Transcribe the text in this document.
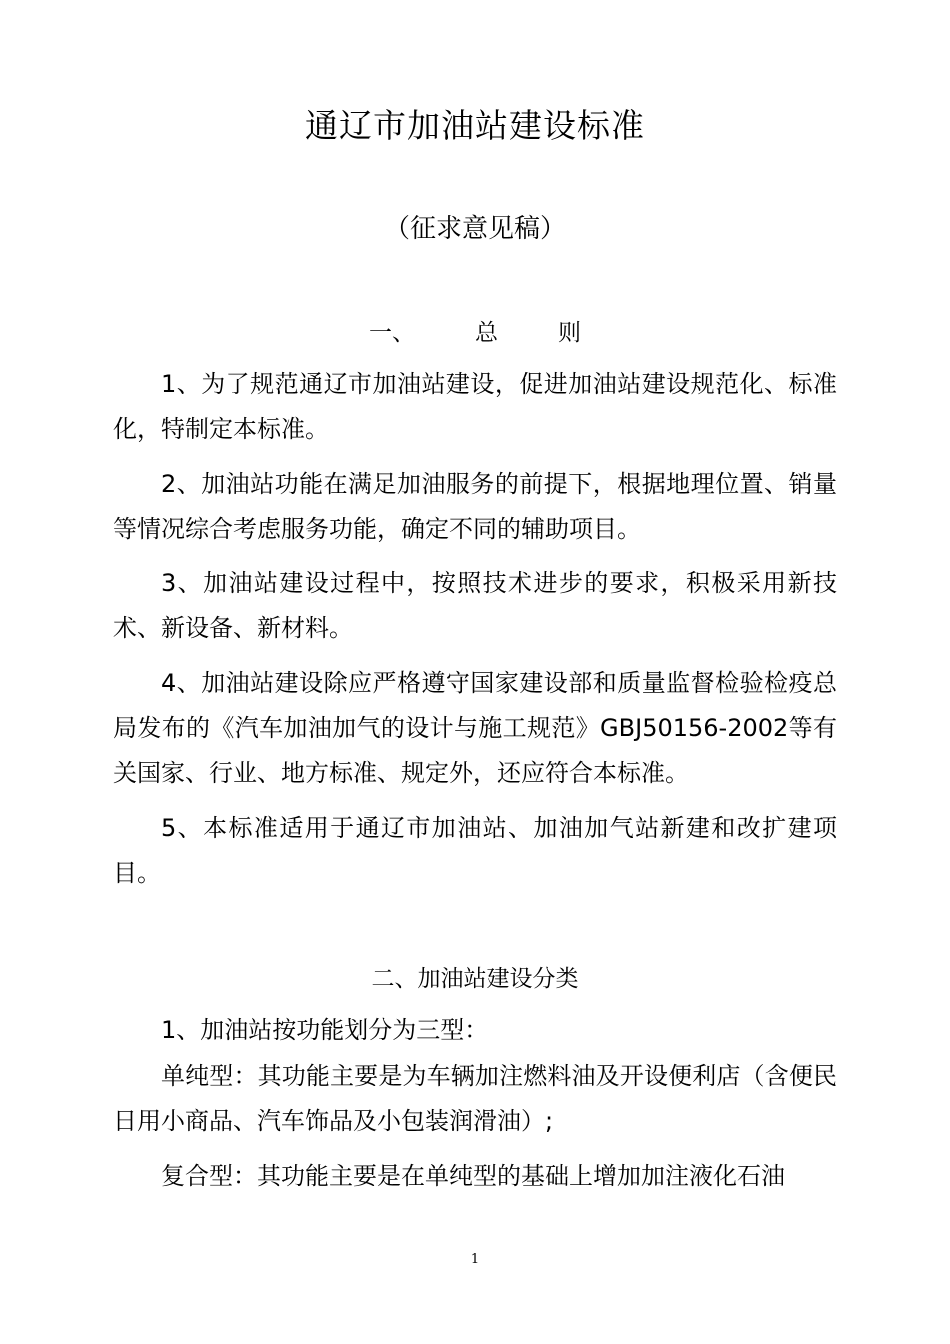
通辽市加油站建设标准
（征求意见稿）
一、	总	则

1、为了规范通辽市加油站建设，促进加油站建设规范化、标准化，特制定本标准。

2、加油站功能在满足加油服务的前提下，根据地理位置、销量等情况综合考虑服务功能，确定不同的辅助项目。

3、加油站建设过程中，按照技术进步的要求，积极采用新技术、新设备、新材料。

4、加油站建设除应严格遵守国家建设部和质量监督检验检疫总局发布的《汽车加油加气的设计与施工规范》GBJ50156-2002等有关国家、行业、地方标准、规定外，还应符合本标准。

5、本标准适用于通辽市加油站、加油加气站新建和改扩建项目。

二、加油站建设分类

1、加油站按功能划分为三型：

单纯型：其功能主要是为车辆加注燃料油及开设便利店（含便民日用小商品、汽车饰品及小包装润滑油）;

复合型：其功能主要是在单纯型的基础上增加加注液化石油

1
